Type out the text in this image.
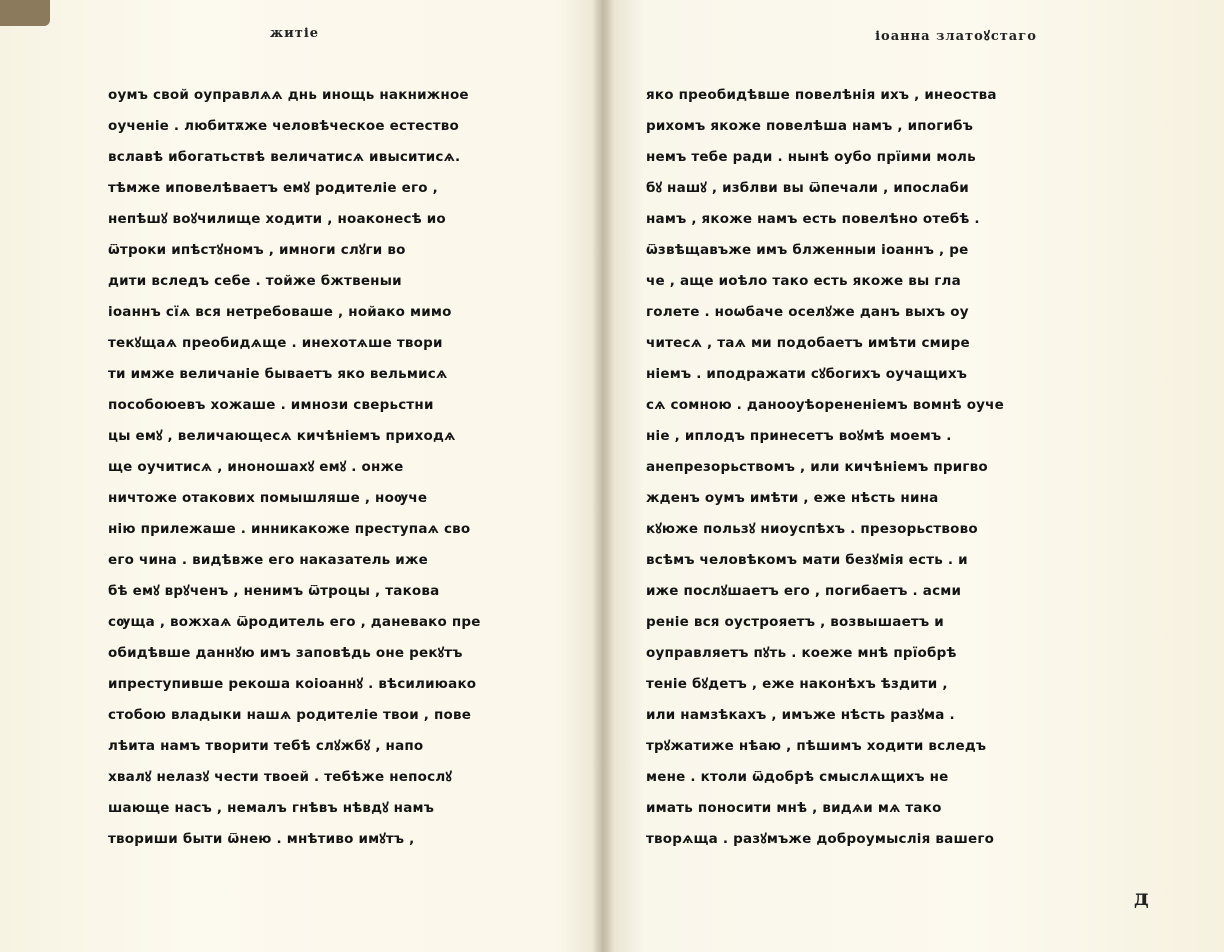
житіе
оумъ свой оуправлѧѧ днь инощь накнижное
оученіе . любитѫже человѣческое естество
вславѣ ибогатьствѣ величатисѧ ивыситисѧ.
тѣмже иповелѣваетъ емꙋ родителіе его ,
непѣшꙋ воꙋчилище ходити , ноаконесѣ ио
ѿтроки ипѣстꙋномъ , имноги слꙋги во
дити вследъ себе . тойже бжтвеныи
іоаннъ сїѧ вся нетребоваше , нойако мимо
текꙋщаѧ преобидѧще . инехотѧше твори
ти имже величаніе бываетъ яко вельмисѧ
пособоюевъ хожаше . имнози сверьстни
цы емꙋ , величающесѧ кичѣніемъ приходѧ
ще оучитисѧ , иноношахꙋ емꙋ . онже
ничтоже отакових помышляше , ноѹче
нію прилежаше . инникакоже преступаѧ сво
его чина . видѣвже его наказатель иже
бѣ емꙋ врꙋченъ , ненимъ ѿтроцы , такова
сѹща , вожхаѧ ѿродитель его , даневако пре
обидѣвше даннꙋю имъ заповѣдь оне рекꙋтъ
ипреступивше рекоша коіоаннꙋ . вѣсилиюако
стобою владыки нашѧ родителіе твои , пове
лѣита намъ творити тебѣ слꙋжбꙋ , напо
хвалꙋ нелазꙋ чести твоей . тебѣже непослꙋ
шающе насъ , немалъ гнѣвъ нѣвдꙋ намъ
твориши быти ѿнею . мнѣтиво имꙋтъ ,
іоанна златоꙋстаго
яко преобидѣвше повелѣнія ихъ , инеоства
рихомъ якоже повелѣша намъ , ипогибъ
немъ тебе ради . нынѣ оубо прїими моль
бꙋ нашꙋ , изблви вы ѿпечали , ипослаби
намъ , якоже намъ есть повелѣно отебѣ .
ѿзвѣщавъже имъ блженныи іоаннъ , ре
че , аще иоѣло тако есть якоже вы гла
голете . ноѡбаче оселꙋже данъ выхъ оу
читесѧ , таѧ ми подобаетъ имѣти смире
ніемъ . иподражати сꙋбогихъ оучащихъ
сѧ сомною . данооуѣорененіемъ вомнѣ оуче
ніе , иплодъ принесетъ воꙋмѣ моемъ .
анепрезорьствомъ , или кичѣніемъ пригво
жденъ оумъ имѣти , еже нѣсть нина
кꙋюже пользꙋ ниоуспѣхъ . презорьствово
всѣмъ человѣкомъ мати безꙋмія есть . и
иже послꙋшаетъ его , погибаетъ . асми
реніе вся оустрояетъ , возвышаетъ и
оуправляетъ пꙋть . коеже мнѣ прїобрѣ
теніе бꙋдетъ , еже наконѣхъ ѣздити ,
или намзѣкахъ , имъже нѣсть разꙋма .
трꙋжатиже нѣаю , пѣшимъ ходити вследъ
мене . ктоли ѿдобрѣ смыслѧщихъ не
имать поносити мнѣ , видѧи мѧ тако
творѧща . разꙋмъже доброумыслія вашего
д
